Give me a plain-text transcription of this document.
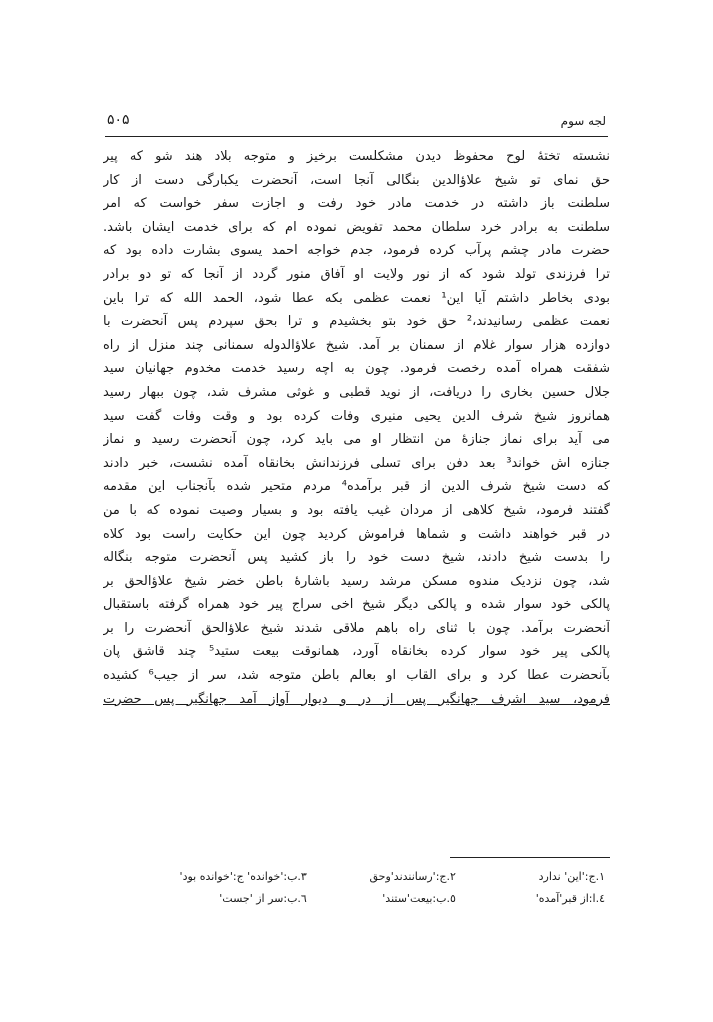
۵۰۵	لجه سوم
نشسته تختهٔ لوح محفوظ دیدن مشکلست برخیز و متوجه بلاد هند شو که پیر
حق نمای تو شیخ علاؤالدین بنگالی آنجا است، آنحضرت یکبارگی دست از کار
سلطنت باز داشته در خدمت مادر خود رفت و اجازت سفر خواست که امر
سلطنت به برادر خرد سلطان محمد تفویض نموده ام که برای خدمت ایشان باشد.
حضرت مادر چشم پرآب کرده فرمود، جدم خواجه احمد یسوی بشارت داده بود که
ترا فرزندی تولد شود که از نور ولایت او آفاق منور گردد از آنجا که تو دو برادر
بودی بخاطر داشتم آیا این¹ نعمت عظمی بکه عطا شود، الحمد الله که ترا باین
نعمت عظمی رسانیدند،² حق خود بتو بخشیدم و ترا بحق سپردم پس آنحضرت با
دوازده هزار سوار غلام از سمنان بر آمد. شیخ علاؤالدوله سمنانی چند منزل از راه
شفقت همراه آمده رخصت فرمود. چون به اچه رسید خدمت مخدوم جهانیان سید
جلال حسین بخاری را دریافت، از نوید قطبی و غوثی مشرف شد، چون ببهار رسید
همانروز شیخ شرف الدین یحیی منیری وفات کرده بود و وقت وفات گفت سید
می آید برای نماز جنازهٔ من انتظار او می باید کرد، چون آنحضرت رسید و نماز
جنازه اش خواند³ بعد دفن برای تسلی فرزندانش بخانقاه آمده نشست، خبر دادند
که دست شیخ شرف الدین از قبر برآمده⁴ مردم متحیر شده بآنجناب این مقدمه
گفتند فرمود، شیخ کلاهی از مردان غیب یافته بود و بسیار وصیت نموده که با من
در قبر خواهند داشت و شماها فراموش کردید چون این حکایت راست بود کلاه
را بدست شیخ دادند، شیخ دست خود را باز کشید پس آنحضرت متوجه بنگاله
شد، چون نزدیک مندوه مسکن مرشد رسید باشارهٔ باطن خضر شیخ علاؤالحق بر
پالکی خود سوار شده و پالکی دیگر شیخ اخی سراج پیر خود همراه گرفته باستقبال
آنحضرت برآمد. چون با ثنای راه باهم ملاقی شدند شیخ علاؤالحق آنحضرت را بر
پالکی پیر خود سوار کرده بخانقاه آورد، همانوقت بیعت ستید⁵ چند قاشق پان
بآنحضرت عطا کرد و برای القاب او بعالم باطن متوجه شد، سر از جیب⁶ کشیده
فرمود، سید اشرف جهانگیر پس از در و دیوار آواز آمد جهانگیر پس حضرت
١.ج:'این' ندارد
٢.ج:'رسانندند'وحق
٣.ب:'خوانده' ج:'خوانده بود'
٤.ا:از قبر'آمده'
٥.ب:بیعت'ستند'
٦.ب:سر از 'جست'
